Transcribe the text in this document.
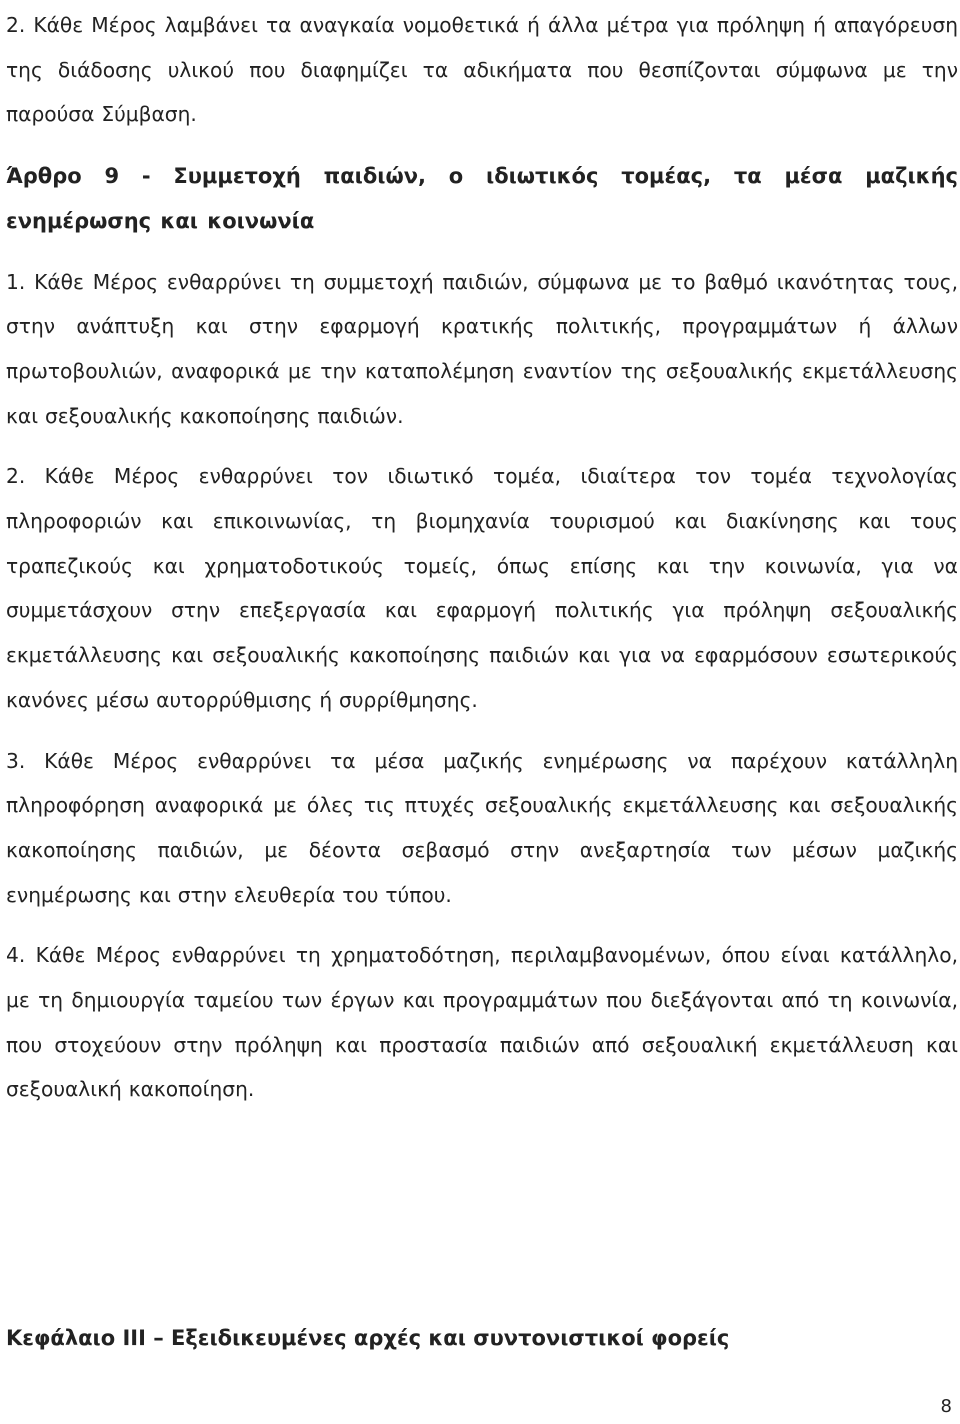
2. Κάθε Μέρος λαμβάνει τα αναγκαία νομοθετικά ή άλλα μέτρα για πρόληψη ή απαγόρευση της διάδοσης υλικού που διαφημίζει τα αδικήματα που θεσπίζονται σύμφωνα με την παρούσα Σύμβαση.

Άρθρο 9 - Συμμετοχή παιδιών, ο ιδιωτικός τομέας, τα μέσα μαζικής ενημέρωσης και κοινωνία

1. Κάθε Μέρος ενθαρρύνει τη συμμετοχή παιδιών, σύμφωνα με το βαθμό ικανότητας τους, στην ανάπτυξη και στην εφαρμογή κρατικής πολιτικής, προγραμμάτων ή άλλων πρωτοβουλιών, αναφορικά με την καταπολέμηση εναντίον της σεξουαλικής εκμετάλλευσης και σεξουαλικής κακοποίησης παιδιών.

2. Κάθε Μέρος ενθαρρύνει τον ιδιωτικό τομέα, ιδιαίτερα τον τομέα τεχνολογίας πληροφοριών και επικοινωνίας, τη βιομηχανία τουρισμού και διακίνησης και τους τραπεζικούς και χρηματοδοτικούς τομείς, όπως επίσης και την κοινωνία, για να συμμετάσχουν στην επεξεργασία και εφαρμογή πολιτικής για πρόληψη σεξουαλικής εκμετάλλευσης και σεξουαλικής κακοποίησης παιδιών και για να εφαρμόσουν εσωτερικούς κανόνες μέσω αυτορρύθμισης ή συρρίθμησης.

3. Κάθε Μέρος ενθαρρύνει τα μέσα μαζικής ενημέρωσης να παρέχουν κατάλληλη πληροφόρηση αναφορικά με όλες τις πτυχές σεξουαλικής εκμετάλλευσης και σεξουαλικής κακοποίησης παιδιών, με δέοντα σεβασμό στην ανεξαρτησία των μέσων μαζικής ενημέρωσης και στην ελευθερία του τύπου.

4. Κάθε Μέρος ενθαρρύνει τη χρηματοδότηση, περιλαμβανομένων, όπου είναι κατάλληλο, με τη δημιουργία ταμείου των έργων και προγραμμάτων που διεξάγονται από τη κοινωνία, που στοχεύουν στην πρόληψη και προστασία παιδιών από σεξουαλική εκμετάλλευση και σεξουαλική κακοποίηση.

Κεφάλαιο ΙΙΙ – Εξειδικευμένες αρχές και συντονιστικοί φορείς
8
